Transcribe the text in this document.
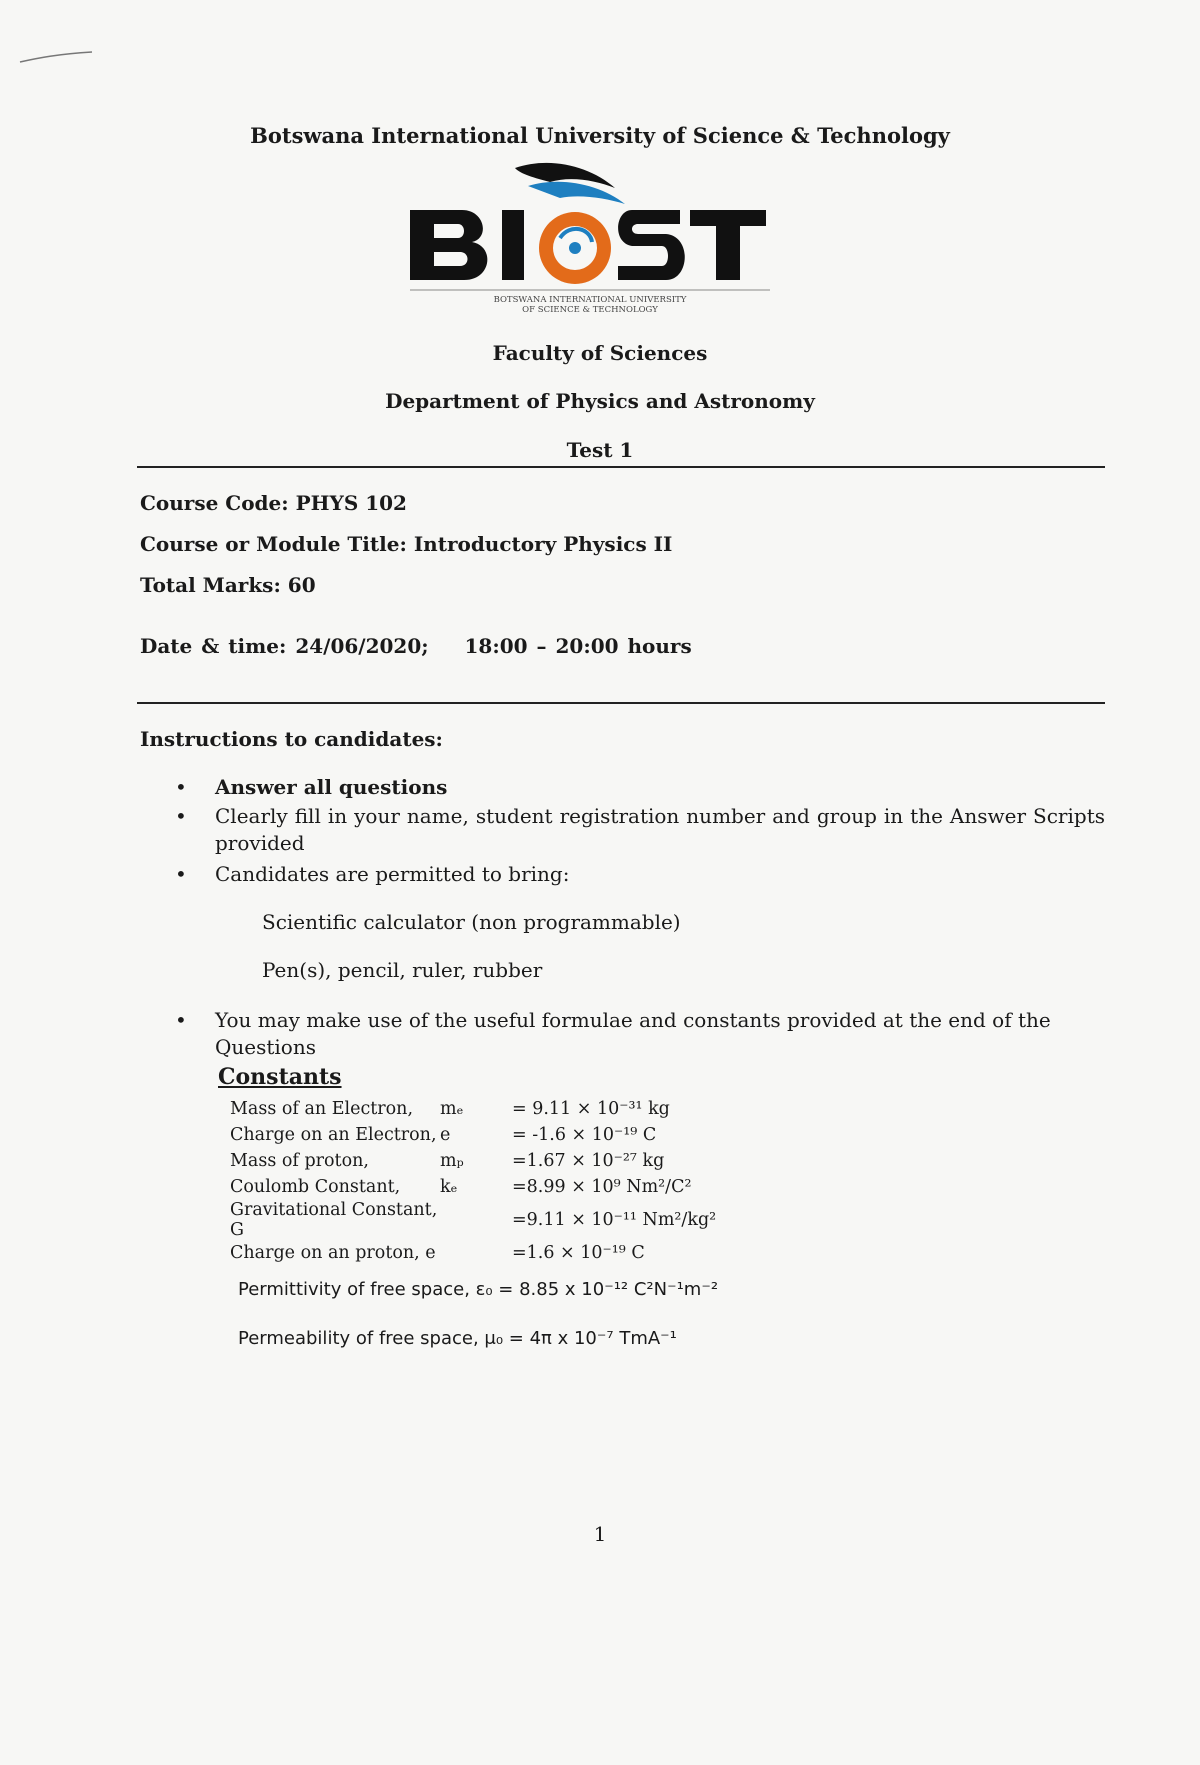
Botswana International University of Science & Technology
BOTSWANA INTERNATIONAL UNIVERSITY
OF SCIENCE & TECHNOLOGY
Faculty of Sciences
Department of Physics and Astronomy
Test 1
Course Code: PHYS 102
Course or Module Title: Introductory Physics II
Total Marks: 60
Date & time: 24/06/2020; 18:00 – 20:00 hours
Instructions to candidates:
• Answer all questions
• Clearly fill in your name, student registration number and group in the Answer Scripts provided
• Candidates are permitted to bring:
Scientific calculator (non programmable)
Pen(s), pencil, ruler, rubber
• You may make use of the useful formulae and constants provided at the end of the Questions
Constants
Mass of an Electron,	mₑ	= 9.11 × 10⁻³¹ kg
Charge on an Electron,	e	= -1.6 × 10⁻¹⁹ C
Mass of proton,	mₚ	=1.67 × 10⁻²⁷ kg
Coulomb Constant,	kₑ	=8.99 × 10⁹ Nm²/C²
Gravitational Constant, G		=9.11 × 10⁻¹¹ Nm²/kg²
Charge on an proton, e		=1.6 × 10⁻¹⁹ C
Permittivity of free space, ε₀ = 8.85 x 10⁻¹² C²N⁻¹m⁻²
Permeability of free space, μ₀ = 4π x 10⁻⁷ TmA⁻¹
1
